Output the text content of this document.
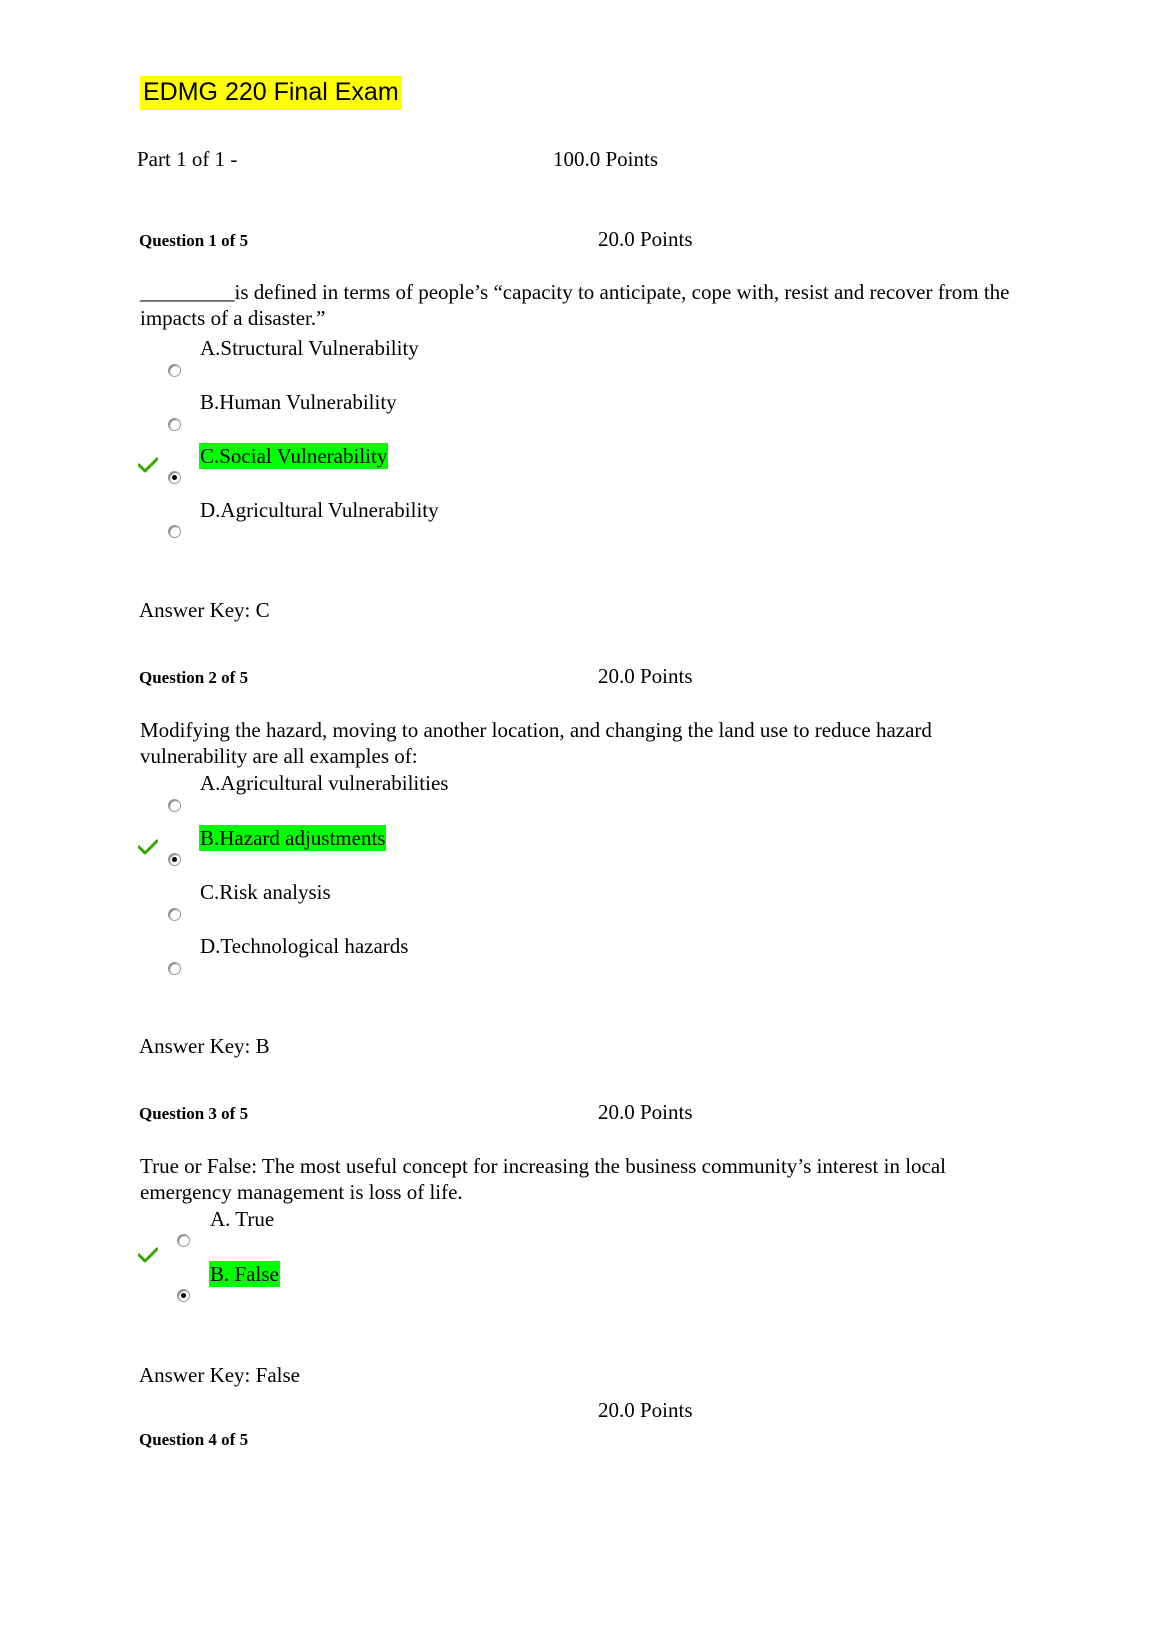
EDMG 220 Final Exam
Part 1 of 1 -	100.0 Points
Question 1 of 5	20.0 Points
_________is defined in terms of people’s “capacity to anticipate, cope with, resist and recover from the impacts of a disaster.”
A.Structural Vulnerability
B.Human Vulnerability
C.Social Vulnerability
D.Agricultural Vulnerability
Answer Key: C
Question 2 of 5	20.0 Points
Modifying the hazard, moving to another location, and changing the land use to reduce hazard vulnerability are all examples of:
A.Agricultural vulnerabilities
B.Hazard adjustments
C.Risk analysis
D.Technological hazards
Answer Key: B
Question 3 of 5	20.0 Points
True or False: The most useful concept for increasing the business community’s interest in local emergency management is loss of life.
A. True
B. False
Answer Key: False
20.0 Points
Question 4 of 5
